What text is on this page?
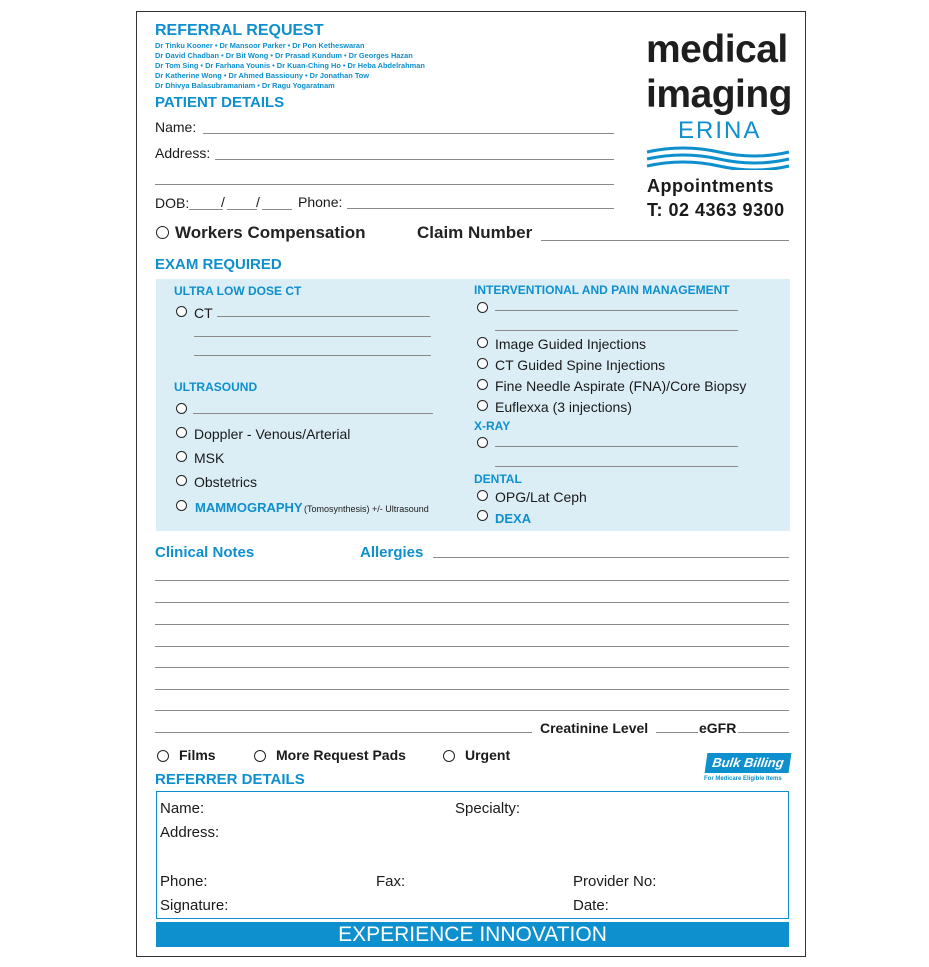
REFERRAL REQUEST
Dr Tinku Kooner • Dr Mansoor Parker • Dr Pon Ketheswaran
Dr David Chadban • Dr Bit Wong • Dr Prasad Kundum • Dr Georges Hazan
Dr Tom Sing • Dr Farhana Younis • Dr Kuan-Ching Ho • Dr Heba Abdelrahman
Dr Katherine Wong • Dr Ahmed Bassiouny • Dr Jonathan Tow
Dr Dhivya Balasubramaniam • Dr Ragu Yogaratnam
medical
imaging
ERINA
Appointments
T: 02 4363 9300
PATIENT DETAILS
Name:
Address:
DOB: / /	Phone:
Workers Compensation	Claim Number
EXAM REQUIRED
ULTRA LOW DOSE CT
CT
ULTRASOUND
Doppler - Venous/Arterial
MSK
Obstetrics
MAMMOGRAPHY (Tomosynthesis) +/- Ultrasound
INTERVENTIONAL AND PAIN MANAGEMENT
Image Guided Injections
CT Guided Spine Injections
Fine Needle Aspirate (FNA)/Core Biopsy
Euflexxa (3 injections)
X-RAY
DENTAL
OPG/Lat Ceph
DEXA
Clinical Notes	Allergies
Creatinine Level	eGFR
Films	More Request Pads	Urgent	Bulk Billing
For Medicare Eligible Items
REFERRER DETAILS
Name:	Specialty:
Address:
Phone:	Fax:	Provider No:
Signature:	Date:
EXPERIENCE INNOVATION
